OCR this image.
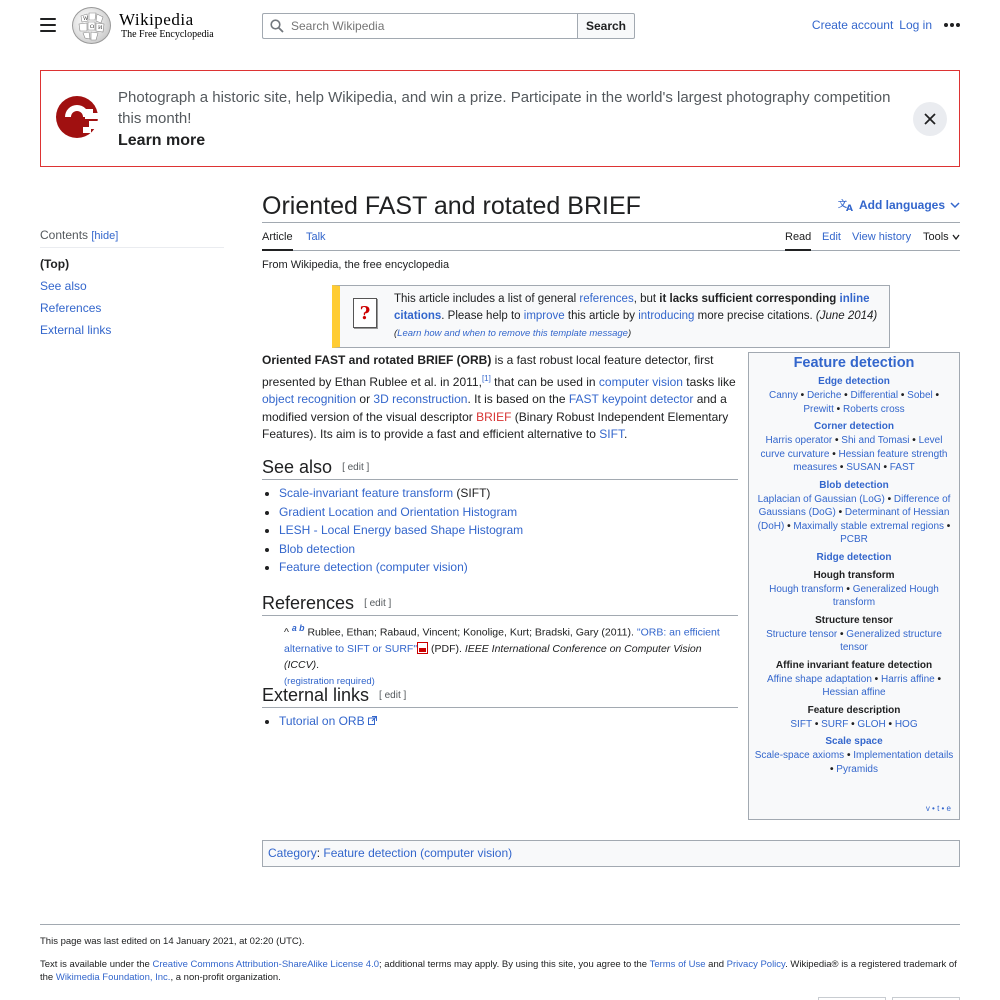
W
Ω И Wikipedia
The Free Encyclopedia
Search Wikipedia
Search	Create account Log in
Photograph a historic site, help Wikipedia, and win a prize. Participate in the world's largest photography competition this month!
Learn more
Contents [hide]
(Top)
See also
References
External links
Oriented FAST and rotated BRIEF	文
A Add languages
Article Talk	Read Edit View history Tools
From Wikipedia, the free encyclopedia
?
This article includes a list of general references, but it lacks sufficient corresponding inline citations. Please help to improve this article by introducing more precise citations. (June 2014)
(Learn how and when to remove this template message)

Oriented FAST and rotated BRIEF (ORB) is a fast robust local feature detector, first presented by Ethan Rublee et al. in 2011,[1] that can be used in computer vision tasks like object recognition or 3D reconstruction. It is based on the FAST keypoint detector and a modified version of the visual descriptor BRIEF (Binary Robust Independent Elementary Features). Its aim is to provide a fast and efficient alternative to SIFT.

See also [ edit ]
• Scale-invariant feature transform (SIFT)
• Gradient Location and Orientation Histogram
• LESH - Local Energy based Shape Histogram
• Blob detection
• Feature detection (computer vision)
References [ edit ]
^ $^{a b}$ Rublee, Ethan; Rabaud, Vincent; Konolige, Kurt; Bradski, Gary (2011). "ORB: an efficient alternative to SIFT or SURF"
(PDF). IEEE International Conference on Computer Vision (ICCV).
(registration required)
External links [ edit ]
• Tutorial on ORB
Feature detection
Edge detection
Canny • Deriche • Differential • Sobel • Prewitt • Roberts cross
Corner detection
Harris operator • Shi and Tomasi • Level curve curvature • Hessian feature strength measures • SUSAN • FAST
Blob detection
Laplacian of Gaussian (LoG) • Difference of Gaussians (DoG) • Determinant of Hessian (DoH) • Maximally stable extremal regions • PCBR
Ridge detection
Hough transform
Hough transform • Generalized Hough transform
Structure tensor
Structure tensor • Generalized structure tensor
Affine invariant feature detection
Affine shape adaptation • Harris affine • Hessian affine
Feature description
SIFT • SURF • GLOH • HOG
Scale space
Scale-space axioms • Implementation details • Pyramids
v • t • e
Category: Feature detection (computer vision)

This page was last edited on 14 January 2021, at 02:20 (UTC).

Text is available under the Creative Commons Attribution-ShareAlike License 4.0; additional terms may apply. By using this site, you agree to the Terms of Use and Privacy Policy. Wikipedia® is a registered trademark of the Wikimedia Foundation, Inc., a non-profit organization.
